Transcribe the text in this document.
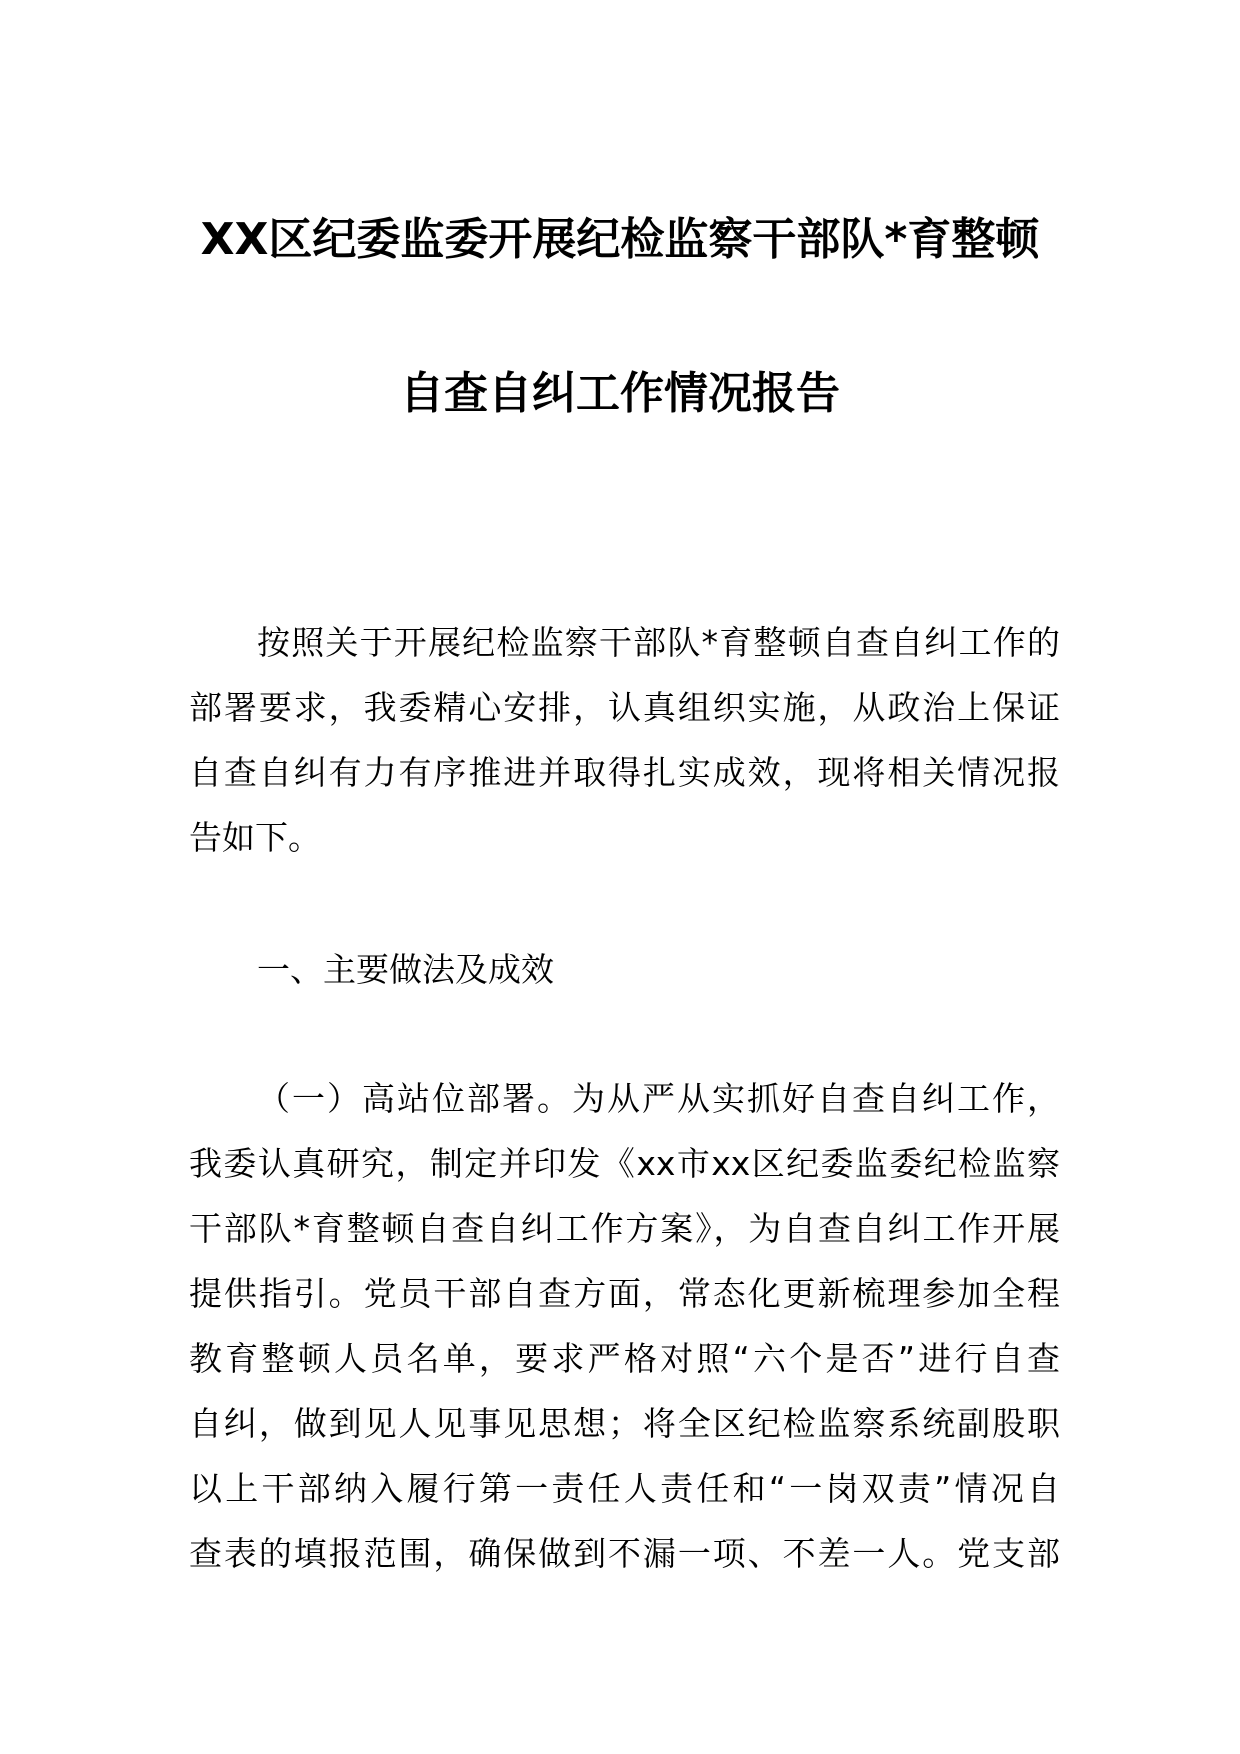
XX区纪委监委开展纪检监察干部队*育整顿
自查自纠工作情况报告
按照关于开展纪检监察干部队*育整顿自查自纠工作的
部署要求，我委精心安排，认真组织实施，从政治上保证
自查自纠有力有序推进并取得扎实成效，现将相关情况报
告如下。
一、主要做法及成效
（一）高站位部署。为从严从实抓好自查自纠工作，
我委认真研究，制定并印发《xx市xx区纪委监委纪检监察
干部队*育整顿自查自纠工作方案》，为自查自纠工作开展
提供指引。党员干部自查方面，常态化更新梳理参加全程
教育整顿人员名单，要求严格对照“六个是否”进行自查
自纠，做到见人见事见思想；将全区纪检监察系统副股职
以上干部纳入履行第一责任人责任和“一岗双责”情况自
查表的填报范围，确保做到不漏一项、不差一人。党支部
